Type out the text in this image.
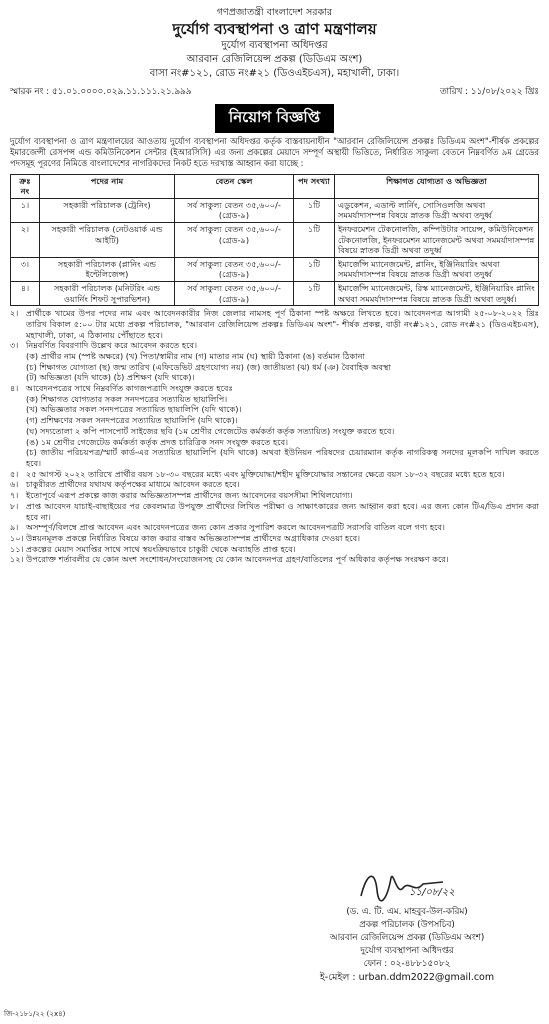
গণপ্রজাতন্ত্রী বাংলাদেশ সরকার
দুর্যোগ ব্যবস্থাপনা ও ত্রাণ মন্ত্রণালয়
দুর্যোগ ব্যবস্থাপনা অধিদপ্তর
আরবান রেজিলিয়েন্স প্রকল্প (ডিডিএম অংশ)
বাসা নং#১২১, রোড নং#২১ (ডিওএইচএস), মহাখালী, ঢাকা।
স্মারক নং : ৫১.০১.০০০০.০২৯.১১.১১১.২১.৯৯৯	তারিখ : ১১/০৮/২০২২ খ্রিঃ
নিয়োগ বিজ্ঞপ্তি
দুর্যোগ ব্যবস্থাপনা ও ত্রাণ মন্ত্রণালয়ের আওতায় দুর্যোগ ব্যবস্থাপনা অধিদপ্তর কর্তৃক বাস্তবায়নাধীন "আরবান রেজিলিয়েন্স প্রকল্পঃ ডিডিএম অংশ"-শীর্ষক প্রকল্পের ইমারজেন্সী রেসপন্স এন্ড কমিউনিকেশন সেন্টার (ইআরসিসি) এর জন্য প্রকল্পের মেয়াদে সম্পূর্ণ অস্থায়ী ভিত্তিতে, নির্ধারিত সাকুল্য বেতনে নিম্নবর্ণিত ৯ম গ্রেডের পদসমূহ পূরণের নিমিত্তে বাংলাদেশের নাগরিকদের নিকট হতে দরখাস্ত আহ্বান করা যাচ্ছে :
ক্রঃ নং	পদের নাম	বেতন স্কেল	পদ সংখ্যা	শিক্ষাগত যোগ্যতা ও অভিজ্ঞতা
১।	সহকারী পরিচালক (ট্রেনিং)	সর্ব সাকুল্য বেতন ৩৫,৬০০/- (গ্রেড-৯)	১টি	এডুকেশন, এডাল্ট লার্নিং, সোসিওলজি অথবা সমমর্যাদাসম্পন্ন বিষয়ে স্নাতক ডিগ্রী অথবা তদুর্ধ্ব
২।	সহকারী পরিচালক (নেটওয়ার্ক এন্ড আইটি)	সর্ব সাকুল্য বেতন ৩৫,৬০০/- (গ্রেড-৯)	১টি	ইনফরমেশন টেকনোলজি, কম্পিউটার সায়েন্স, কমিউনিকেশন টেকনোলজি, ইনফরমেশন ম্যানেজমেন্ট অথবা সমমর্যাদাসম্পন্ন বিষয়ে স্নাতক ডিগ্রী অথবা তদুর্ধ্ব
৩।	সহকারী পরিচালক (প্লানিং এন্ড ইন্টেলিজেন্স)	সর্ব সাকুল্য বেতন ৩৫,৬০০/- (গ্রেড-৯)	১টি	ইমার্জেন্সি ম্যানেজমেন্ট, প্লানিং, ইঞ্জিনিয়ারিং অথবা সমমর্যাদাসম্পন্ন বিষয়ে স্নাতক ডিগ্রী অথবা তদুর্ধ্ব
৪।	সহকারী পরিচালক (মনিটরিং এন্ড ওয়ার্নিং শিফট সুপারভিশন)	সর্ব সাকুল্য বেতন ৩৫,৬০০/- (গ্রেড-৯)	১টি	ইমার্জেন্সি ম্যানেজমেন্ট, রিস্ক ম্যানেজমেন্ট, ইঞ্জিনিয়ারিং প্লানিং অথবা সমমর্যাদাসম্পন্ন বিষয়ে স্নাতক ডিগ্রী অথবা তদুর্ধ্ব।
২। প্রার্থীকে খামের উপর পদের নাম এবং আবেদনকারীর নিজ জেলার নামসহ পূর্ণ ঠিকানা স্পষ্ট অক্ষরে লিখতে হবে। আবেদনপত্র আগামী ২৫-০৮-২০২২ খ্রিঃ তারিখ বিকাল ৫:০০ টার মধ্যে প্রকল্প পরিচালক, "আরবান রেজিলিয়েন্স প্রকল্পঃ ডিডিএম অংশ"- শীর্ষক প্রকল্প, বাড়ী নং#১২১, রোড নং#২১ (ডিওএইচএস), মহাখালী, ঢাকা, এ ঠিকানায় পৌঁছাতে হবে।
৩। নিম্নবর্ণিত বিবরণাদি উল্লেখ করে আবেদন করতে হবে।
(ক) প্রার্থীর নাম (স্পষ্ট অক্ষরে) (খ) পিতা/স্বামীর নাম (গ) মাতার নাম (ঘ) স্থায়ী ঠিকানা (ঙ) বর্তমান ঠিকানা
(চ) শিক্ষাগত যোগ্যতা (ছ) জন্ম তারিখ (এফিডেভিট গ্রহণযোগ্য নয়) (জ) জাতীয়তা (ঝ) ধর্ম (ঞ) বৈবাহিক অবস্থা
(ট) অভিজ্ঞতা (যদি থাকে) (ঠ) প্রশিক্ষণ (যদি থাকে)।
৪। আবেদনপত্রের সাথে নিম্নবর্ণিত কাগজপত্রাদি সংযুক্ত করতে হবেঃ
(ক) শিক্ষাগত যোগ্যতার সকল সনদপত্রের সত্যায়িত ছায়ালিপি।
(খ) অভিজ্ঞতার সকল সনদপত্রের সত্যায়িত ছায়ালিপি (যদি থাকে)।
(গ) প্রশিক্ষণের সকল সনদপত্রের সত্যায়িত ছায়ালিপি (যদি থাকে)।
(ঘ) সদ্যতোলা ২ কপি পাসপোর্ট সাইজের ছবি (১ম শ্রেণীর গেজেটেড কর্মকর্তা কর্তৃক সত্যায়িত) সংযুক্ত করতে হবে।
(ঙ) ১ম শ্রেণীর গেজেটেড কর্মকর্তা কর্তৃক প্রদত্ত চারিত্রিক সনদ সংযুক্ত করতে হবে।
(চ) জাতীয় পরিচয়পত্র/স্মার্ট কার্ড-এর সত্যায়িত ছায়ালিপি (যদি থাকে) অথবা ইউনিয়ন পরিষদের চেয়ারম্যান কর্তৃক নাগরিকত্ব সনদের মূলকপি দাখিল করতে হবে।
৫। ২৫ আগস্ট ২০২২ তারিখে প্রার্থীর বয়স ১৮-৩০ বছরের মধ্যে এবং মুক্তিযোদ্ধা/শহীদ মুক্তিযোদ্ধার সন্তানের ক্ষেত্রে বয়স ১৮-৩২ বছরের মধ্যে হতে হবে।
৬। চাকুরীরত প্রার্থীদের যথাযথ কর্তৃপক্ষের মাধ্যমে আবেদন করতে হবে।
৭। ইতোপূর্বে এরূপ প্রকল্পে কাজ করার অভিজ্ঞতাসম্পন্ন প্রার্থীদের জন্য আবেদনের বয়সসীমা শিথিলযোগ্য।
৮। প্রাপ্ত আবেদন যাচাই-বাছাইয়ের পর কেবলমাত্র উপযুক্ত প্রার্থীদের লিখিত পরীক্ষা ও সাক্ষাৎকারের জন্য আহ্বান করা হবে। এর জন্য কোন টিএ/ডিএ প্রদান করা হবে না।
৯। অসম্পূর্ণ/বিলম্বে প্রাপ্ত আবেদন এবং আবেদনপত্রের জন্য কোন প্রকার সুপারিশ করলে আবেদনপত্রটি সরাসরি বাতিল বলে গণ্য হবে।
১০। উন্নয়নমূলক প্রকল্পে নির্ধারিত বিষয়ে কাজ করার বাস্তব অভিজ্ঞতাসম্পন্ন প্রার্থীদের অগ্রাধিকার দেওয়া হবে।
১১। প্রকল্পের মেয়াদ সমাপ্তির সাথে সাথে স্বয়ংক্রিয়ভাবে চাকুরী থেকে অব্যাহতি প্রাপ্ত হবে।
১২। উপরোক্ত শর্তাবলীর যে কোন অংশ সংশোধন/সংযোজনসহ যে কোন আবেদনপত্র গ্রহণ/বাতিলের পূর্ণ অধিকার কর্তৃপক্ষ সংরক্ষণ করে।
১১/০৮/২২
(ড. এ. টি. এম. মাহবুব-উল-করিম)
প্রকল্প পরিচালক (উপসচিব)
আরবান রেজিলিয়েন্স প্রকল্প (ডিডিএম অংশ)
দুর্যোগ ব্যবস্থাপনা অধিদপ্তর
ফোন : ০২-৪৮৮১৫০৮২
ই-মেইল : urban.ddm2022@gmail.com
জি-২১৮১/২২ (২x৪)
